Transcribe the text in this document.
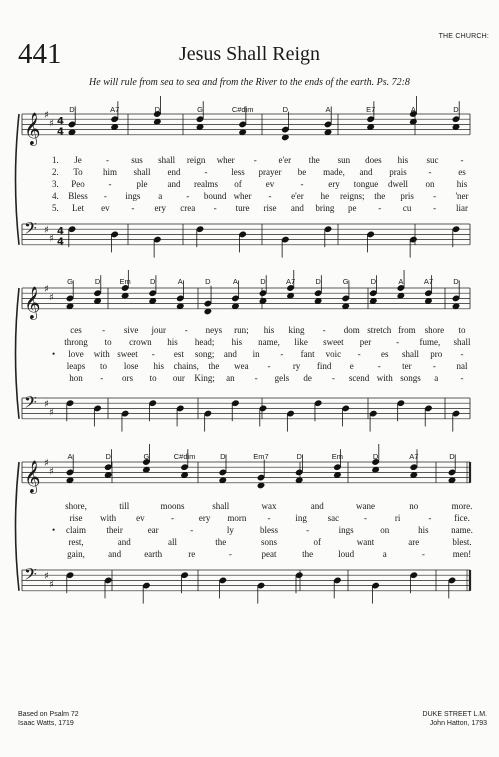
THE CHURCH:
441	Jesus Shall Reign
He will rule from sea to sea and from the River to the ends of the earth. Ps. 72:8
𝄞 ♯
♯ 4
4
𝄢 ♯
♯
4
4
𝄞 ♯
♯
𝄢 ♯
♯
𝄞 ♯
♯
𝄢 ♯
♯
D	A7	D	G	C#dim	D	A	E7	A	D
1. Je	- sus shall reign wher - e'er the sun does his suc -
2. To him shall end	-	less prayer be made, and prais -	es
3. Peo	-	ple and realms of	ev	-	ery tongue dwell on his
4. Bless - ings a	- bound wher - e'er he reigns; the pris - 'ner
5. Let ev - ery crea - ture rise and bring pe - cu - liar
G	D	Em	D	A	D	A	D	A7	D	G	D	A	A7	D
ces - sive jour - neys run; his king - dom stretch from shore to
throng to crown his head; his name, like sweet per	- fume, shall
• love with sweet - est song; and in - fant voic - es shall pro -
leaps to lose his chains, the wea - ry find e	- ter - nal
hon - ors to our King; an - gels de - scend with songs a -
A	D	G	C#dim	D	Em7	D	Em	D	A7	D
shore,	till	moons	shall	wax	and	wane	no	more.
rise with ev	-	ery morn -	ing sac	-	ri	-	fice.
• claim their	ear	-	ly	bless	-	ings	on	his name.
rest,	and	all	the	sons	of	want	are	blest.
gain,	and	earth	re	-	peat	the	loud	a	-	men!
Based on Psalm 72
Isaac Watts, 1719
DUKE STREET L.M.
John Hatton, 1793
